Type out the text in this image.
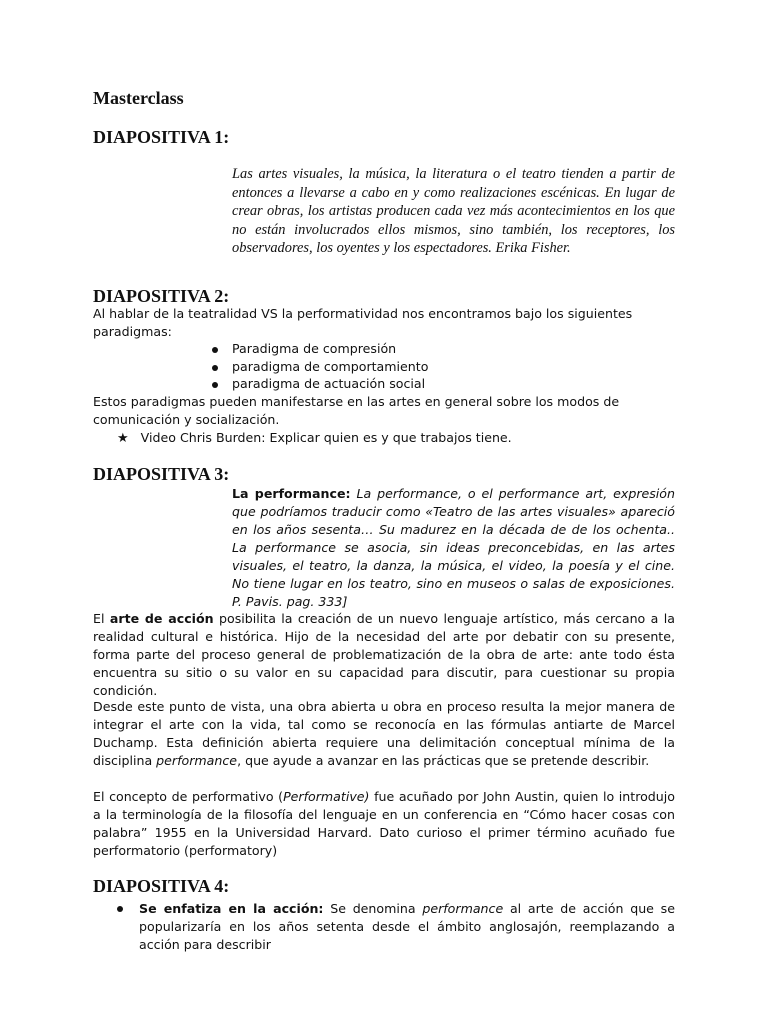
Masterclass
DIAPOSITIVA 1:
Las artes visuales, la música, la literatura o el teatro tienden a partir de entonces a llevarse a cabo en y como realizaciones escénicas. En lugar de crear obras, los artistas producen cada vez más acontecimientos en los que no están involucrados ellos mismos, sino también, los receptores, los observadores, los oyentes y los espectadores. Erika Fisher.
DIAPOSITIVA 2:
Al hablar de la teatralidad VS la performatividad nos encontramos bajo los siguientes paradigmas:
Paradigma de compresión
paradigma de comportamiento
paradigma de actuación social
Estos paradigmas pueden manifestarse en las artes en general sobre los modos de comunicación y socialización.
★ Video Chris Burden: Explicar quien es y que trabajos tiene.
DIAPOSITIVA 3:
La performance: La performance, o el performance art, expresión que podríamos traducir como «Teatro de las artes visuales» apareció en los años sesenta… Su madurez en la década de de los ochenta.. La performance se asocia, sin ideas preconcebidas, en las artes visuales, el teatro, la danza, la música, el video, la poesía y el cine. No tiene lugar en los teatro, sino en museos o salas de exposiciones. P. Pavis. pag. 333]
El arte de acción posibilita la creación de un nuevo lenguaje artístico, más cercano a la realidad cultural e histórica. Hijo de la necesidad del arte por debatir con su presente, forma parte del proceso general de problematización de la obra de arte: ante todo ésta encuentra su sitio o su valor en su capacidad para discutir, para cuestionar su propia condición.
Desde este punto de vista, una obra abierta u obra en proceso resulta la mejor manera de integrar el arte con la vida, tal como se reconocía en las fórmulas antiarte de Marcel Duchamp. Esta definición abierta requiere una delimitación conceptual mínima de la disciplina performance, que ayude a avanzar en las prácticas que se pretende describir.
El concepto de performativo (Performative) fue acuñado por John Austin, quien lo introdujo a la terminología de la filosofía del lenguaje en un conferencia en “Cómo hacer cosas con palabra” 1955 en la Universidad Harvard. Dato curioso el primer término acuñado fue performatorio (performatory)
DIAPOSITIVA 4:
Se enfatiza en la acción: Se denomina performance al arte de acción que se popularizaría en los años setenta desde el ámbito anglosajón, reemplazando a acción para describir
